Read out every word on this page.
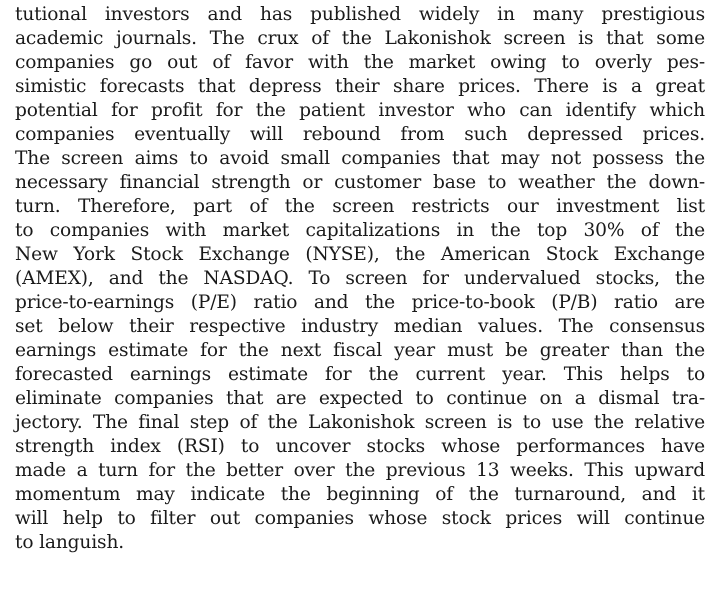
tutional investors and has published widely in many prestigious
academic journals. The crux of the Lakonishok screen is that some
companies go out of favor with the market owing to overly pes-
simistic forecasts that depress their share prices. There is a great
potential for profit for the patient investor who can identify which
companies eventually will rebound from such depressed prices.
The screen aims to avoid small companies that may not possess the
necessary financial strength or customer base to weather the down-
turn. Therefore, part of the screen restricts our investment list
to companies with market capitalizations in the top 30% of the
New York Stock Exchange (NYSE), the American Stock Exchange
(AMEX), and the NASDAQ. To screen for undervalued stocks, the
price-to-earnings (P/E) ratio and the price-to-book (P/B) ratio are
set below their respective industry median values. The consensus
earnings estimate for the next fiscal year must be greater than the
forecasted earnings estimate for the current year. This helps to
eliminate companies that are expected to continue on a dismal tra-
jectory. The final step of the Lakonishok screen is to use the relative
strength index (RSI) to uncover stocks whose performances have
made a turn for the better over the previous 13 weeks. This upward
momentum may indicate the beginning of the turnaround, and it
will help to filter out companies whose stock prices will continue
to languish.
